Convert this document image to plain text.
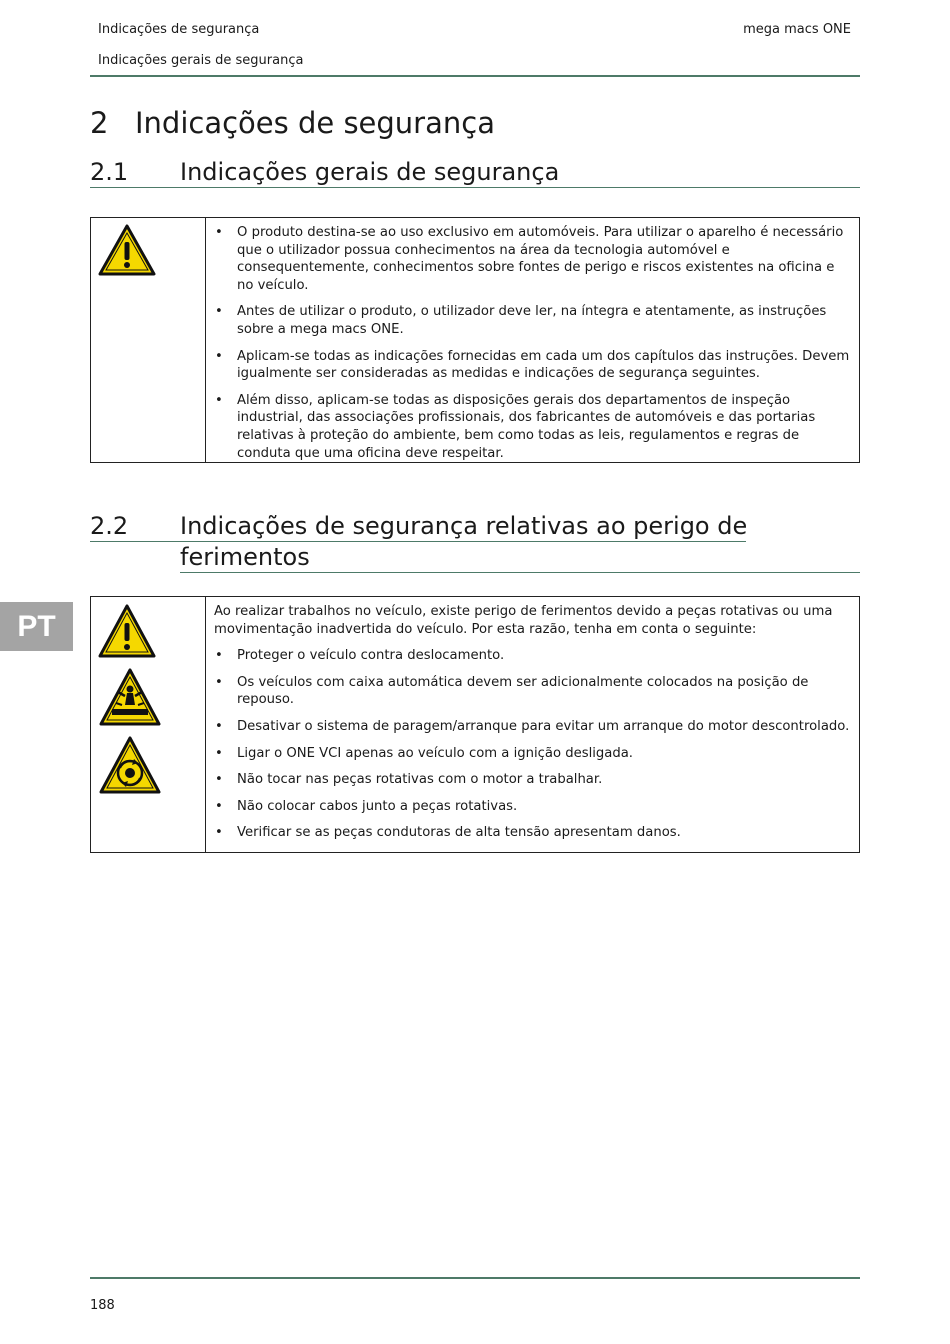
Indicações de segurança	mega macs ONE
Indicações gerais de segurança
2 Indicações de segurança
2.1 Indicações gerais de segurança
• O produto destina-se ao uso exclusivo em automóveis. Para utilizar o aparelho é necessário que o utilizador possua conhecimentos na área da tecnologia automóvel e consequentemente, conhecimentos sobre fontes de perigo e riscos existentes na oficina e no veículo.
• Antes de utilizar o produto, o utilizador deve ler, na íntegra e atentamente, as instruções sobre a mega macs ONE.
• Aplicam-se todas as indicações fornecidas em cada um dos capítulos das instruções. Devem igualmente ser consideradas as medidas e indicações de segurança seguintes.
• Além disso, aplicam-se todas as disposições gerais dos departamentos de inspeção industrial, das associações profissionais, dos fabricantes de automóveis e das portarias relativas à proteção do ambiente, bem como todas as leis, regulamentos e regras de conduta que uma oficina deve respeitar.
2.2 Indicações de segurança relativas ao perigo de
ferimentos

Ao realizar trabalhos no veículo, existe perigo de ferimentos devido a peças rotativas ou uma movimentação inadvertida do veículo. Por esta razão, tenha em conta o seguinte:

• Proteger o veículo contra deslocamento.
• Os veículos com caixa automática devem ser adicionalmente colocados na posição de repouso.
• Desativar o sistema de paragem/arranque para evitar um arranque do motor descontrolado.
• Ligar o ONE VCI apenas ao veículo com a ignição desligada.
• Não tocar nas peças rotativas com o motor a trabalhar.
• Não colocar cabos junto a peças rotativas.
• Verificar se as peças condutoras de alta tensão apresentam danos.
PT
188
